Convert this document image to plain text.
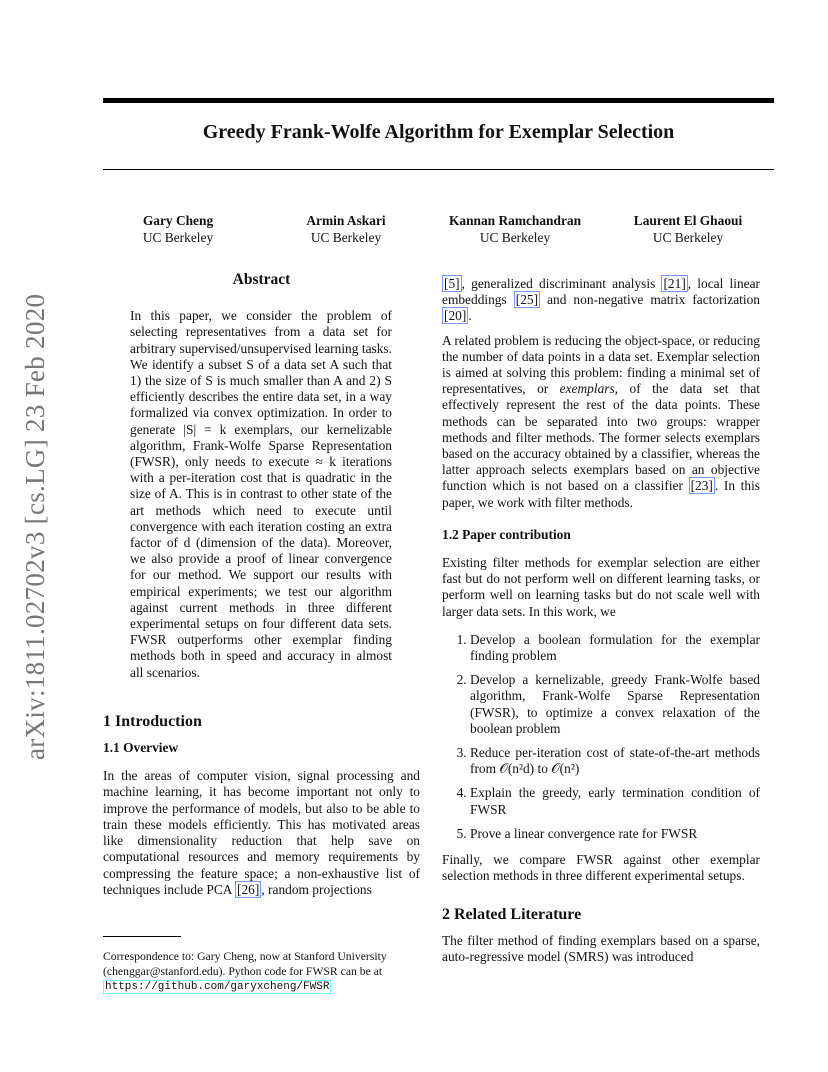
Greedy Frank-Wolfe Algorithm for Exemplar Selection
arXiv:1811.02702v3 [cs.LG] 23 Feb 2020
Gary Cheng
UC Berkeley
Armin Askari
UC Berkeley
Kannan Ramchandran
UC Berkeley
Laurent El Ghaoui
UC Berkeley
Abstract
In this paper, we consider the problem of selecting representatives from a data set for arbitrary supervised/unsupervised learning tasks. We identify a subset S of a data set A such that 1) the size of S is much smaller than A and 2) S efficiently describes the entire data set, in a way formalized via convex optimization. In order to generate |S| = k exemplars, our kernelizable algorithm, Frank-Wolfe Sparse Representation (FWSR), only needs to execute ≈ k iterations with a per-iteration cost that is quadratic in the size of A. This is in contrast to other state of the art methods which need to execute until convergence with each iteration costing an extra factor of d (dimension of the data). Moreover, we also provide a proof of linear convergence for our method. We support our results with empirical experiments; we test our algorithm against current methods in three different experimental setups on four different data sets. FWSR outperforms other exemplar finding methods both in speed and accuracy in almost all scenarios.
1 Introduction
1.1 Overview
In the areas of computer vision, signal processing and machine learning, it has become important not only to improve the performance of models, but also to be able to train these models efficiently. This has motivated areas like dimensionality reduction that help save on computational resources and memory requirements by compressing the feature space; a non-exhaustive list of techniques include PCA [26] , random projections
Correspondence to: Gary Cheng, now at Stanford University (chenggar@stanford.edu). Python code for FWSR can be at https://github.com/garyxcheng/FWSR
[5] , generalized discriminant analysis [21] , local linear embeddings [25] and non-negative matrix factorization [20] .
A related problem is reducing the object-space, or reducing the number of data points in a data set. Exemplar selection is aimed at solving this problem: finding a minimal set of representatives, or exemplars, of the data set that effectively represent the rest of the data points. These methods can be separated into two groups: wrapper methods and filter methods. The former selects exemplars based on the accuracy obtained by a classifier, whereas the latter approach selects exemplars based on an objective function which is not based on a classifier [23] . In this paper, we work with filter methods.
1.2 Paper contribution
Existing filter methods for exemplar selection are either fast but do not perform well on different learning tasks, or perform well on learning tasks but do not scale well with larger data sets. In this work, we
1. Develop a boolean formulation for the exemplar finding problem
2. Develop a kernelizable, greedy Frank-Wolfe based algorithm, Frank-Wolfe Sparse Representation (FWSR), to optimize a convex relaxation of the boolean problem
3. Reduce per-iteration cost of state-of-the-art methods from 𝒪(n²d) to 𝒪(n²)
4. Explain the greedy, early termination condition of FWSR
5. Prove a linear convergence rate for FWSR
Finally, we compare FWSR against other exemplar selection methods in three different experimental setups.
2 Related Literature
The filter method of finding exemplars based on a sparse, auto-regressive model (SMRS) was introduced
